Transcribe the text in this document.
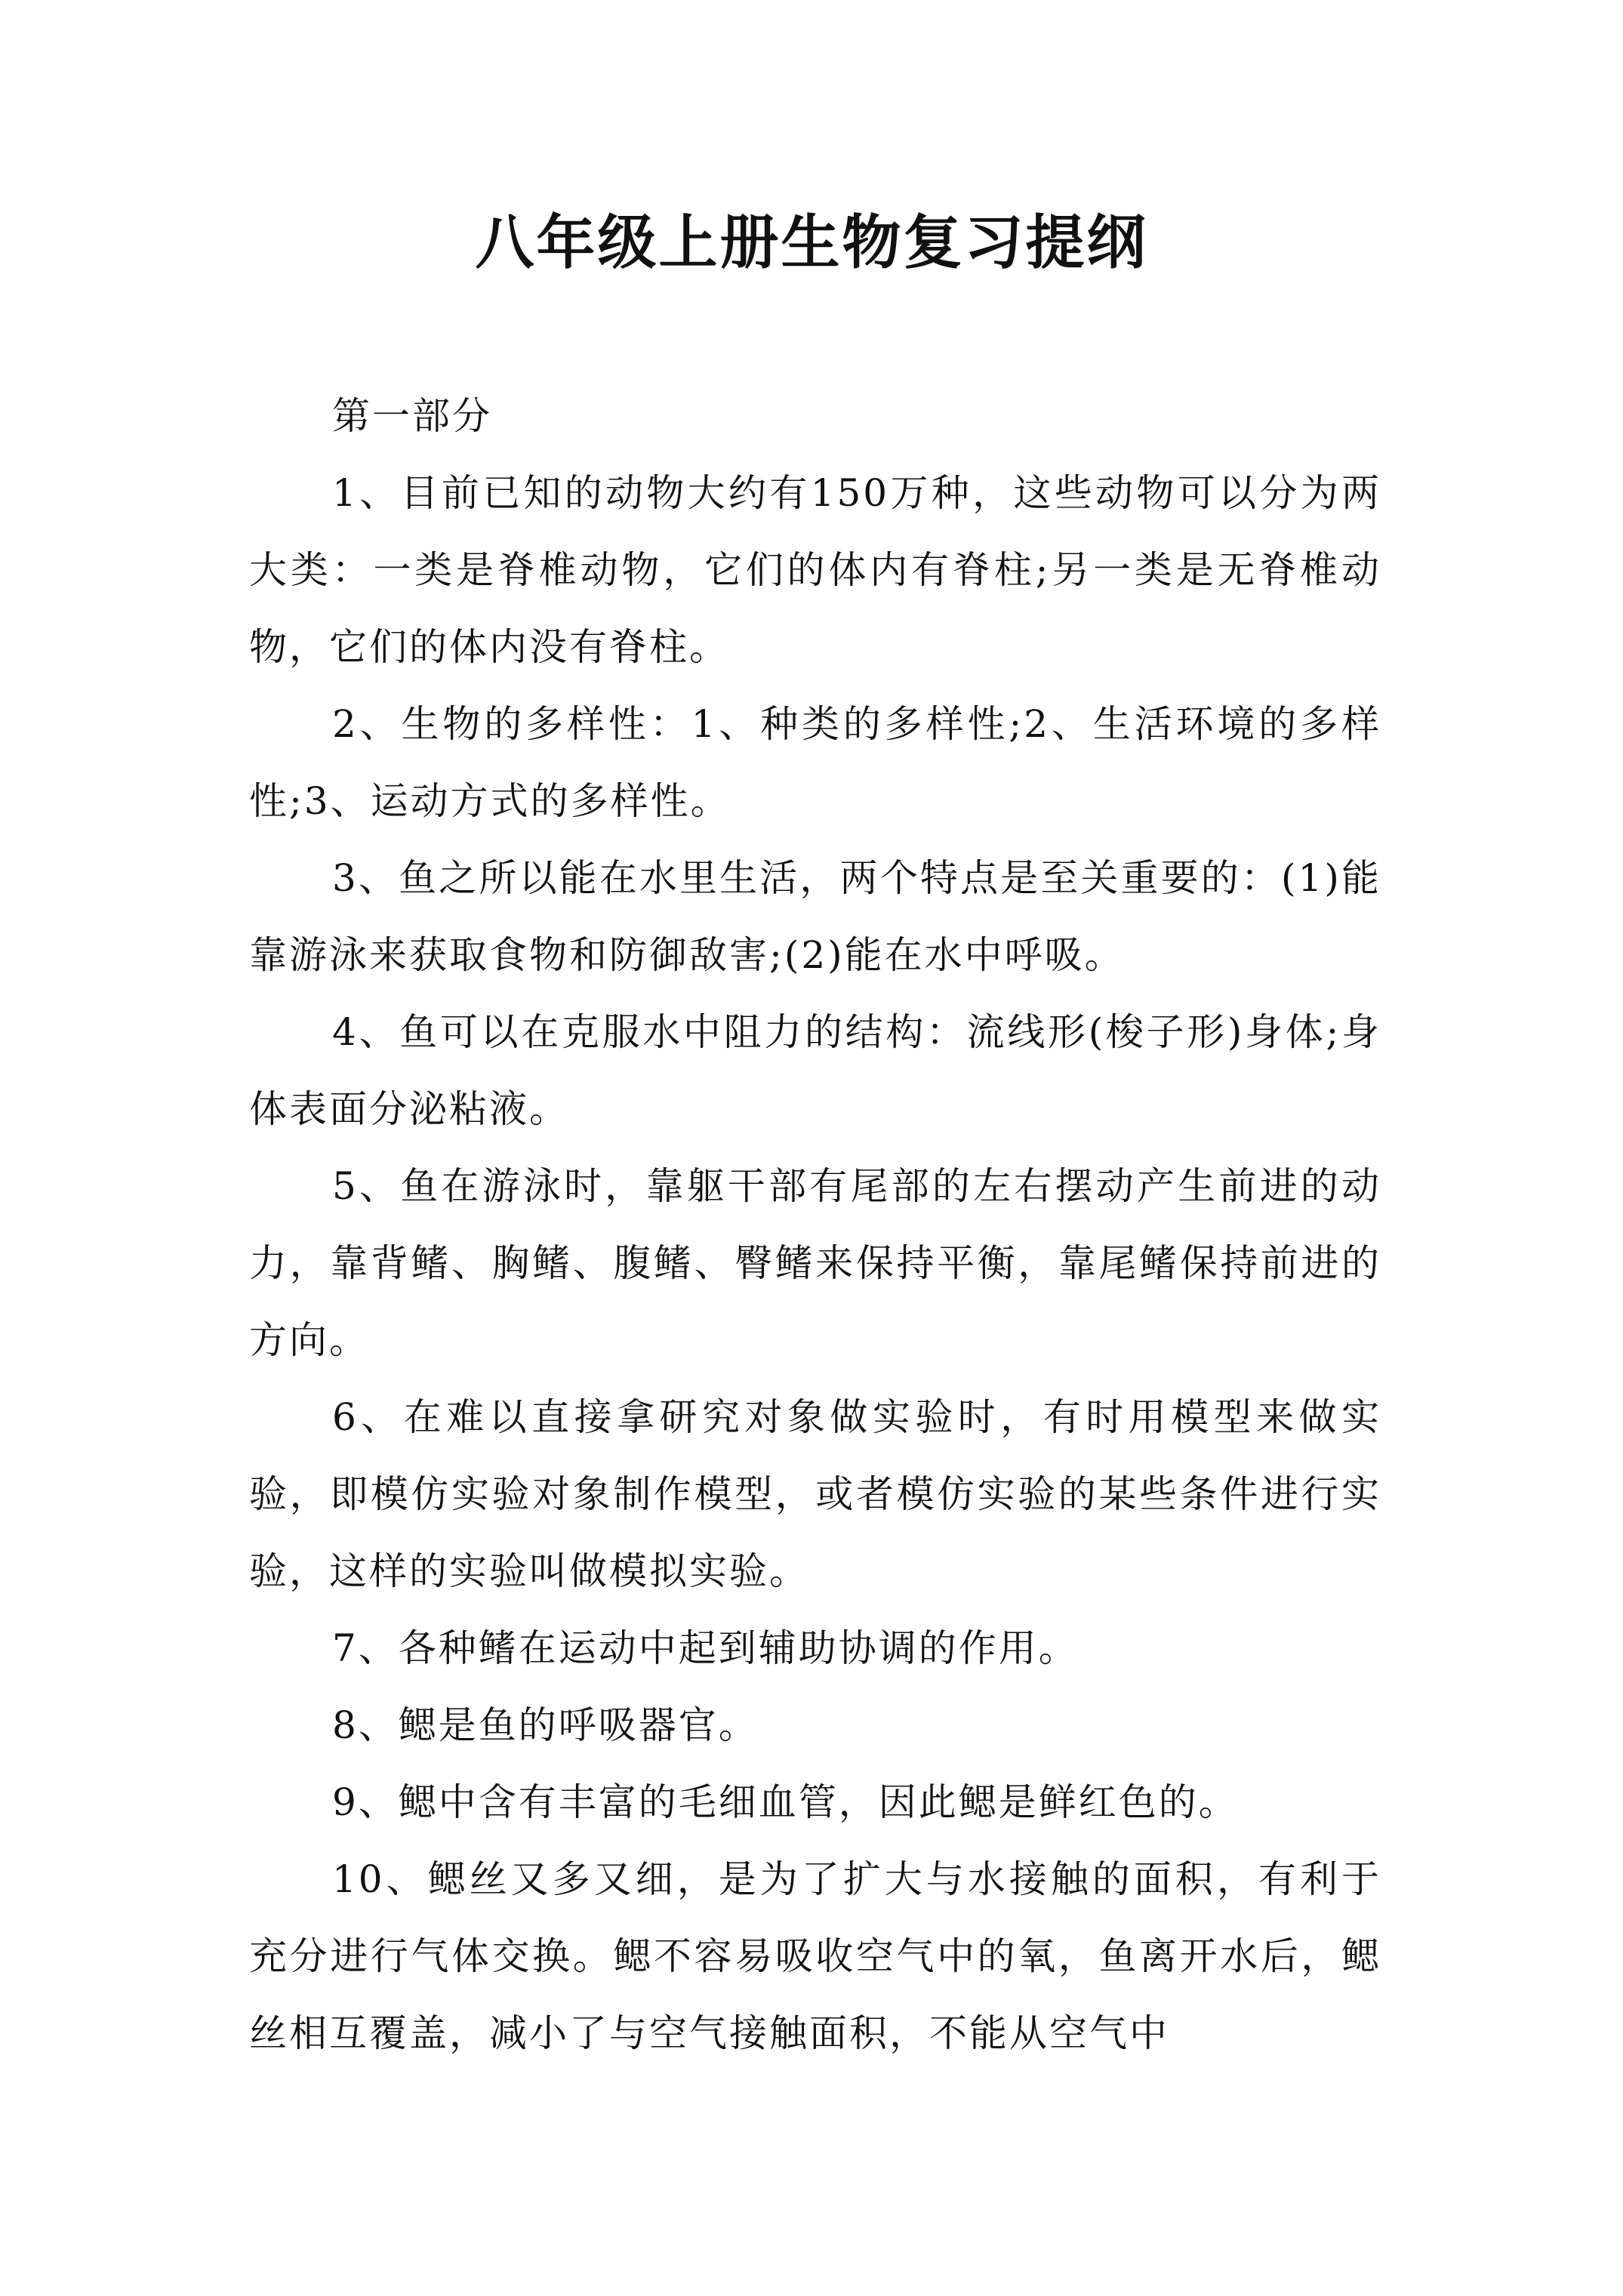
八年级上册生物复习提纲

第一部分

1、目前已知的动物大约有150万种，这些动物可以分为两大类：一类是脊椎动物，它们的体内有脊柱;另一类是无脊椎动物，它们的体内没有脊柱。

2、生物的多样性：1、种类的多样性;2、生活环境的多样性;3、运动方式的多样性。

3、鱼之所以能在水里生活，两个特点是至关重要的：(1)能靠游泳来获取食物和防御敌害;(2)能在水中呼吸。

4、鱼可以在克服水中阻力的结构：流线形(梭子形)身体;身体表面分泌粘液。

5、鱼在游泳时，靠躯干部有尾部的左右摆动产生前进的动力，靠背鳍、胸鳍、腹鳍、臀鳍来保持平衡，靠尾鳍保持前进的方向。

6、在难以直接拿研究对象做实验时，有时用模型来做实验，即模仿实验对象制作模型，或者模仿实验的某些条件进行实验，这样的实验叫做模拟实验。

7、各种鳍在运动中起到辅助协调的作用。

8、鳃是鱼的呼吸器官。

9、鳃中含有丰富的毛细血管，因此鳃是鲜红色的。

10、鳃丝又多又细，是为了扩大与水接触的面积，有利于充分进行气体交换。鳃不容易吸收空气中的氧，鱼离开水后，鳃丝相互覆盖，减小了与空气接触面积，不能从空气中
